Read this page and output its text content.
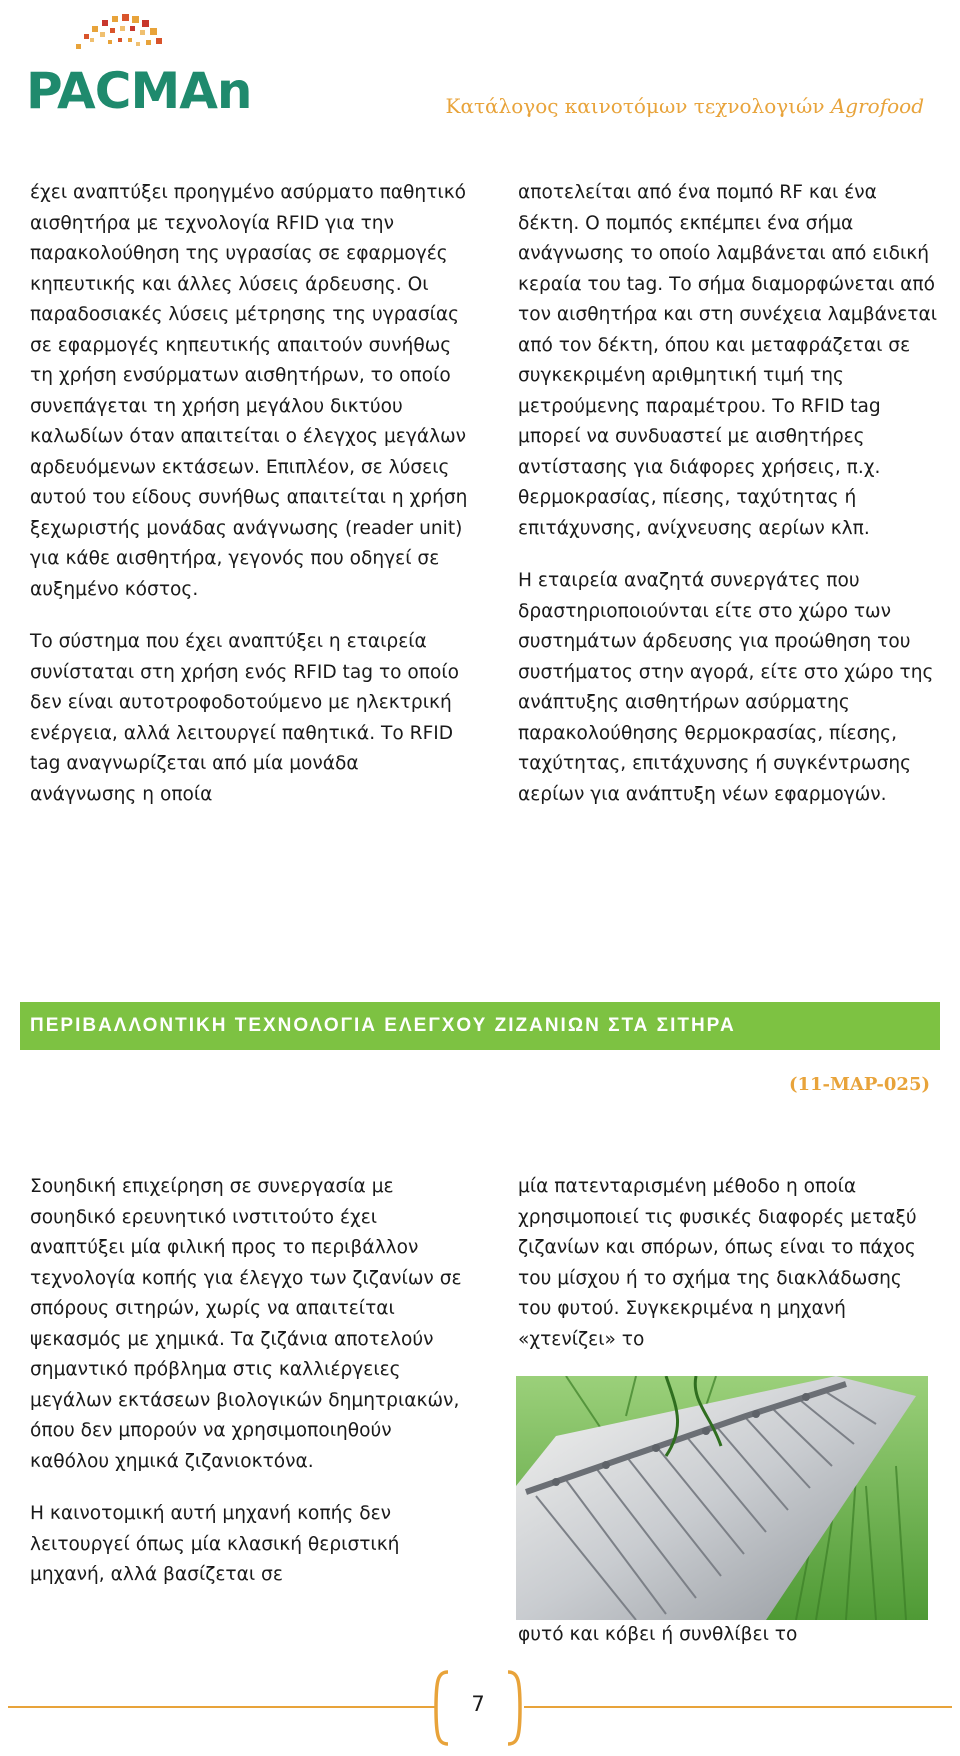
PACMAn	Κατάλογος καινοτόμων τεχνολογιών Agrofood

έχει αναπτύξει προηγμένο ασύρματο παθητικό αισθητήρα με τεχνολογία RFID για την παρακολούθηση της υγρασίας σε εφαρμογές κηπευτικής και άλλες λύσεις άρδευσης. Οι παραδοσιακές λύσεις μέτρησης της υγρασίας σε εφαρμογές κηπευτικής απαιτούν συνήθως τη χρήση ενσύρματων αισθητήρων, το οποίο συνεπάγεται τη χρήση μεγάλου δικτύου καλωδίων όταν απαιτείται ο έλεγχος μεγάλων αρδευόμενων εκτάσεων. Επιπλέον, σε λύσεις αυτού του είδους συνήθως απαιτείται η χρήση ξεχωριστής μονάδας ανάγνωσης (reader unit) για κάθε αισθητήρα, γεγονός που οδηγεί σε αυξημένο κόστος.

Το σύστημα που έχει αναπτύξει η εταιρεία συνίσταται στη χρήση ενός RFID tag το οποίο δεν είναι αυτοτροφοδοτούμενο με ηλεκτρική ενέργεια, αλλά λειτουργεί παθητικά. Το RFID tag αναγνωρίζεται από μία μονάδα ανάγνωσης η οποία

αποτελείται από ένα πομπό RF και ένα δέκτη. Ο πομπός εκπέμπει ένα σήμα ανάγνωσης το οποίο λαμβάνεται από ειδική κεραία του tag. Το σήμα διαμορφώνεται από τον αισθητήρα και στη συνέχεια λαμβάνεται από τον δέκτη, όπου και μεταφράζεται σε συγκεκριμένη αριθμητική τιμή της μετρούμενης παραμέτρου. Το RFID tag μπορεί να συνδυαστεί με αισθητήρες αντίστασης για διάφορες χρήσεις, π.χ. θερμοκρασίας, πίεσης, ταχύτητας ή επιτάχυνσης, ανίχνευσης αερίων κλπ.

Η εταιρεία αναζητά συνεργάτες που δραστηριοποιούνται είτε στο χώρο των συστημάτων άρδευσης για προώθηση του συστήματος στην αγορά, είτε στο χώρο της ανάπτυξης αισθητήρων ασύρματης παρακολούθησης θερμοκρασίας, πίεσης, ταχύτητας, επιτάχυνσης ή συγκέντρωσης αερίων για ανάπτυξη νέων εφαρμογών.

ΠΕΡΙΒΑΛΛΟΝΤΙΚΗ ΤΕΧΝΟΛΟΓΙΑ ΕΛΕΓΧΟΥ ΖΙΖΑΝΙΩΝ ΣΤΑ ΣΙΤΗΡΑ
(11-MAP-025)

Σουηδική επιχείρηση σε συνεργασία με σουηδικό ερευνητικό ινστιτούτο έχει αναπτύξει μία φιλική προς το περιβάλλον τεχνολογία κοπής για έλεγχο των ζιζανίων σε σπόρους σιτηρών, χωρίς να απαιτείται ψεκασμός με χημικά. Τα ζιζάνια αποτελούν σημαντικό πρόβλημα στις καλλιέργειες μεγάλων εκτάσεων βιολογικών δημητριακών, όπου δεν μπορούν να χρησιμοποιηθούν καθόλου χημικά ζιζανιοκτόνα.

Η καινοτομική αυτή μηχανή κοπής δεν λειτουργεί όπως μία κλασική θεριστική μηχανή, αλλά βασίζεται σε

μία πατενταρισμένη μέθοδο η οποία χρησιμοποιεί τις φυσικές διαφορές μεταξύ ζιζανίων και σπόρων, όπως είναι το πάχος του μίσχου ή το σχήμα της διακλάδωσης του φυτού. Συγκεκριμένα η μηχανή «χτενίζει» το

φυτό και κόβει ή συνθλίβει το

7
